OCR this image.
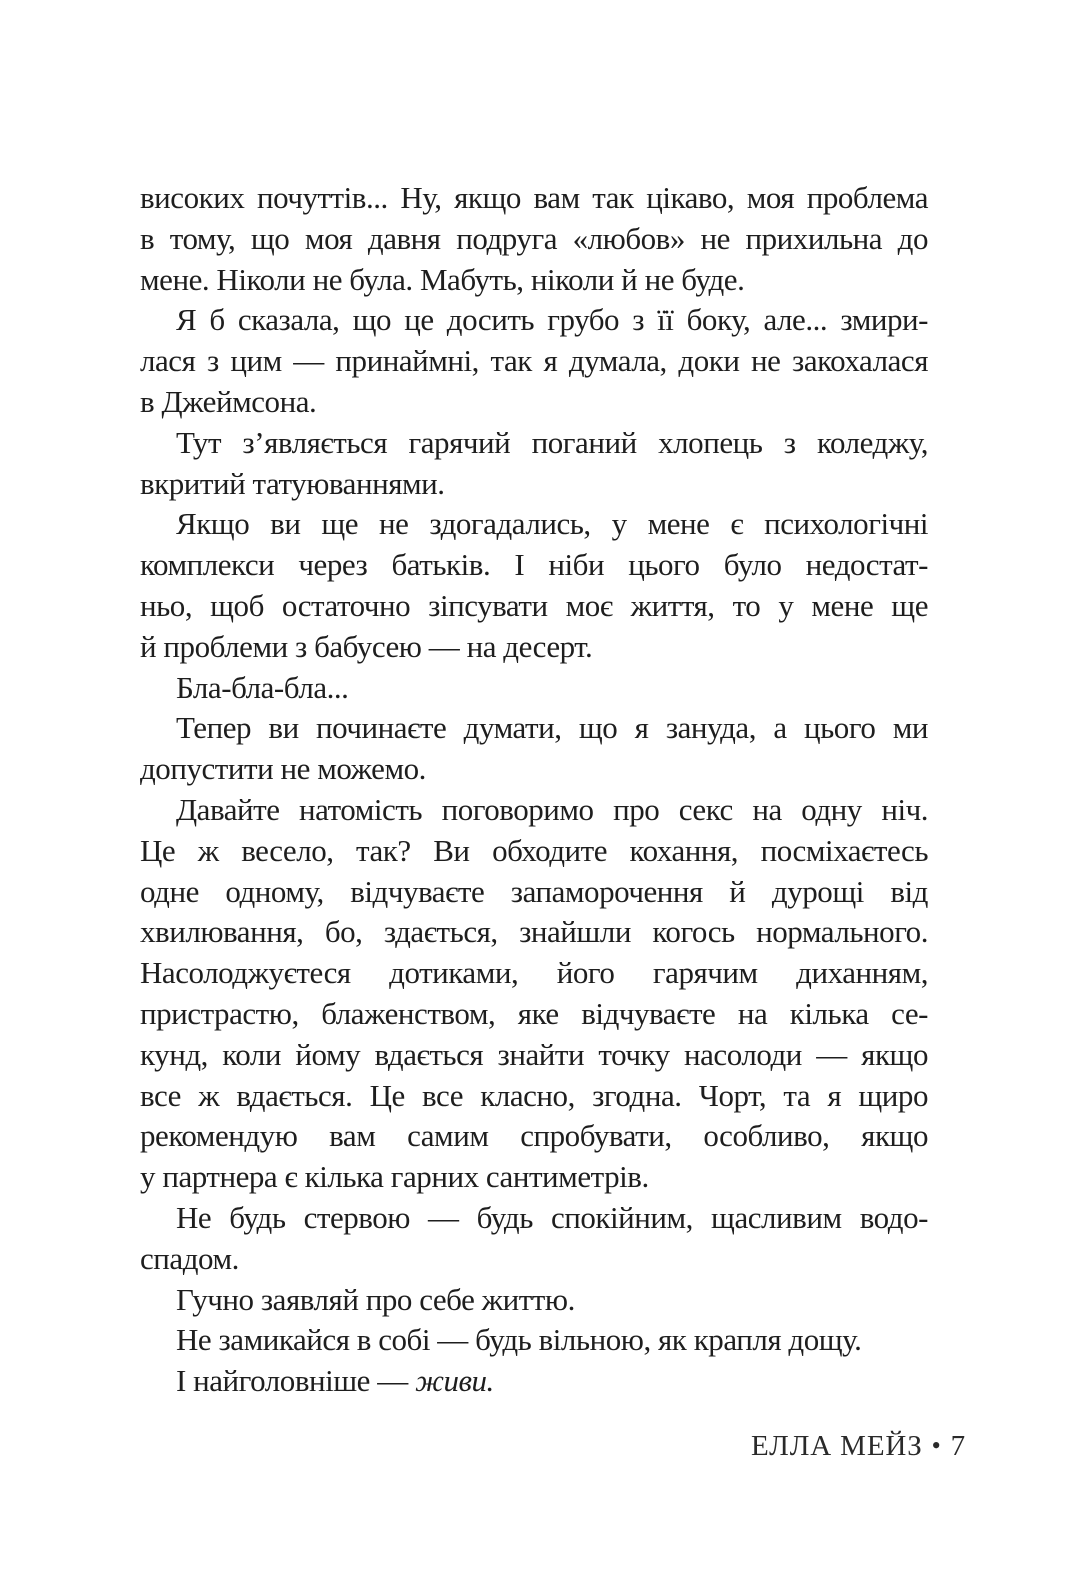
високих почуттів... Ну, якщо вам так цікаво, моя проблема
в тому, що моя давня подруга «любов» не прихильна до
мене. Ніколи не була. Мабуть, ніколи й не буде.
Я б сказала, що це досить грубо з її боку, але... змири-
лася з цим — принаймні, так я думала, доки не закохалася
в Джеймсона.
Тут з’являється гарячий поганий хлопець з коледжу,
вкритий татуюваннями.
Якщо ви ще не здогадались, у мене є психологічні
комплекси через батьків. І ніби цього було недостат-
ньо, щоб остаточно зіпсувати моє життя, то у мене ще
й проблеми з бабусею — на десерт.
Бла-бла-бла...
Тепер ви починаєте думати, що я зануда, а цього ми
допустити не можемо.
Давайте натомість поговоримо про секс на одну ніч.
Це ж весело, так? Ви обходите кохання, посміхаєтесь
одне одному, відчуваєте запаморочення й дурощі від
хвилювання, бо, здається, знайшли когось нормального.
Насолоджуєтеся дотиками, його гарячим диханням,
пристрастю, блаженством, яке відчуваєте на кілька се-
кунд, коли йому вдається знайти точку насолоди — якщо
все ж вдається. Це все класно, згодна. Чорт, та я щиро
рекомендую вам самим спробувати, особливо, якщо
у партнера є кілька гарних сантиметрів.
Не будь стервою — будь спокійним, щасливим водо-
спадом.
Гучно заявляй про себе життю.
Не замикайся в собі — будь вільною, як крапля дощу.
І найголовніше — живи.
ЕЛЛА МЕЙЗ • 7
